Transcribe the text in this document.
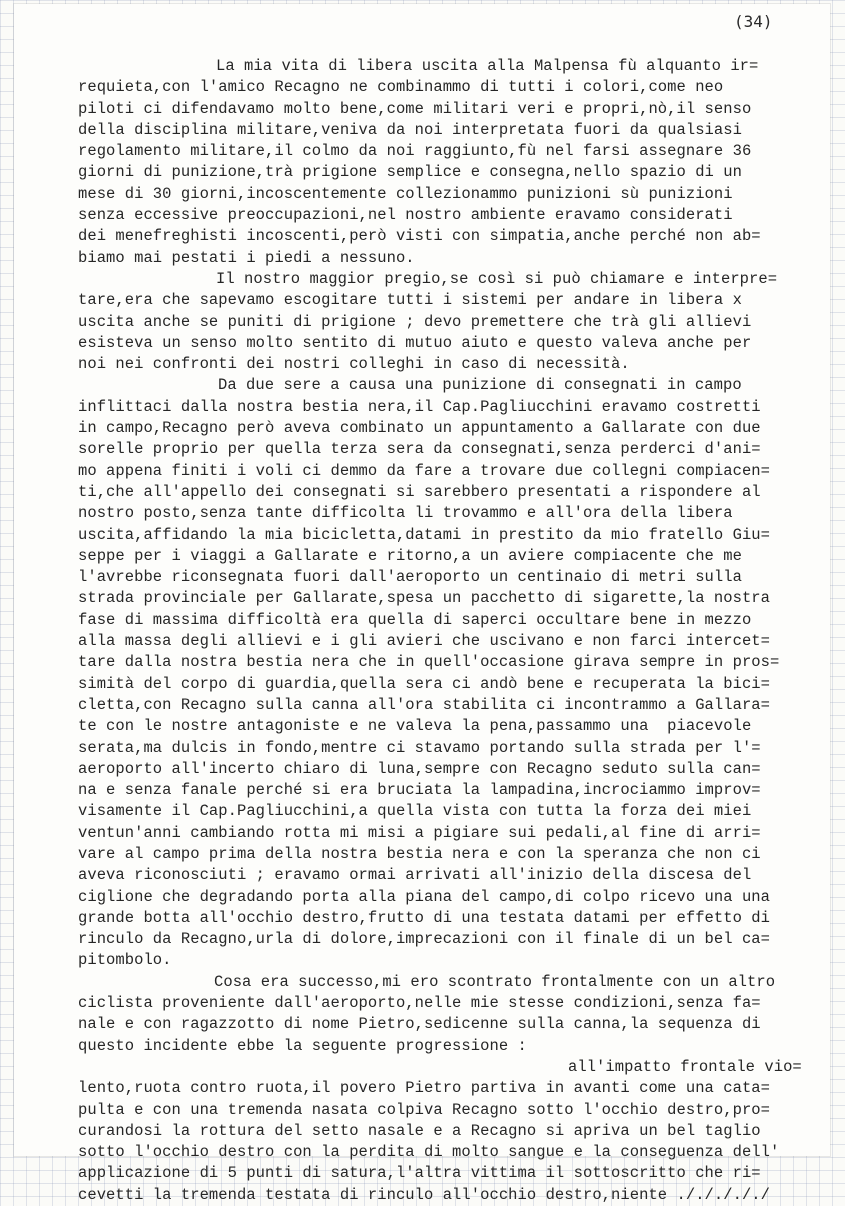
(34)
La mia vita di libera uscita alla Malpensa fù alquanto ir=
requieta,con l'amico Recagno ne combinammo di tutti i colori,come neo
piloti ci difendavamo molto bene,come militari veri e propri,nò,il senso
della disciplina militare,veniva da noi interpretata fuori da qualsiasi
regolamento militare,il colmo da noi raggiunto,fù nel farsi assegnare 36
giorni di punizione,trà prigione semplice e consegna,nello spazio di un
mese di 30 giorni,incoscentemente collezionammo punizioni sù punizioni
senza eccessive preoccupazioni,nel nostro ambiente eravamo considerati
dei menefreghisti incoscenti,però visti con simpatia,anche perché non ab=
biamo mai pestati i piedi a nessuno.
Il nostro maggior pregio,se così si può chiamare e interpre=
tare,era che sapevamo escogitare tutti i sistemi per andare in libera x
uscita anche se puniti di prigione ; devo premettere che trà gli allievi
esisteva un senso molto sentito di mutuo aiuto e questo valeva anche per
noi nei confronti dei nostri colleghi in caso di necessità.
Da due sere a causa una punizione di consegnati in campo
inflittaci dalla nostra bestia nera,il Cap.Pagliucchini eravamo costretti
in campo,Recagno però aveva combinato un appuntamento a Gallarate con due
sorelle proprio per quella terza sera da consegnati,senza perderci d'ani=
mo appena finiti i voli ci demmo da fare a trovare due collegni compiacen=
ti,che all'appello dei consegnati si sarebbero presentati a rispondere al
nostro posto,senza tante difficolta li trovammo e all'ora della libera
uscita,affidando la mia bicicletta,datami in prestito da mio fratello Giu=
seppe per i viaggi a Gallarate e ritorno,a un aviere compiacente che me
l'avrebbe riconsegnata fuori dall'aeroporto un centinaio di metri sulla
strada provinciale per Gallarate,spesa un pacchetto di sigarette,la nostra
fase di massima difficoltà era quella di saperci occultare bene in mezzo
alla massa degli allievi e i gli avieri che uscivano e non farci intercet=
tare dalla nostra bestia nera che in quell'occasione girava sempre in pros=
simità del corpo di guardia,quella sera ci andò bene e recuperata la bici=
cletta,con Recagno sulla canna all'ora stabilita ci incontrammo a Gallara=
te con le nostre antagoniste e ne valeva la pena,passammo una  piacevole
serata,ma dulcis in fondo,mentre ci stavamo portando sulla strada per l'=
aeroporto all'incerto chiaro di luna,sempre con Recagno seduto sulla can=
na e senza fanale perché si era bruciata la lampadina,incrociammo improv=
visamente il Cap.Pagliucchini,a quella vista con tutta la forza dei miei
ventun'anni cambiando rotta mi misi a pigiare sui pedali,al fine di arri=
vare al campo prima della nostra bestia nera e con la speranza che non ci
aveva riconosciuti ; eravamo ormai arrivati all'inizio della discesa del
ciglione che degradando porta alla piana del campo,di colpo ricevo una una
grande botta all'occhio destro,frutto di una testata datami per effetto di
rinculo da Recagno,urla di dolore,imprecazioni con il finale di un bel ca=
pitombolo.
Cosa era successo,mi ero scontrato frontalmente con un altro
ciclista proveniente dall'aeroporto,nelle mie stesse condizioni,senza fa=
nale e con ragazzotto di nome Pietro,sedicenne sulla canna,la sequenza di
questo incidente ebbe la seguente progressione :
all'impatto frontale vio=
lento,ruota contro ruota,il povero Pietro partiva in avanti come una cata=
pulta e con una tremenda nasata colpiva Recagno sotto l'occhio destro,pro=
curandosi la rottura del setto nasale e a Recagno si apriva un bel taglio
sotto l'occhio destro con la perdita di molto sangue e la conseguenza dell'
applicazione di 5 punti di satura,l'altra vittima il sottoscritto che ri=
cevetti la tremenda testata di rinculo all'occhio destro,niente ./././././
